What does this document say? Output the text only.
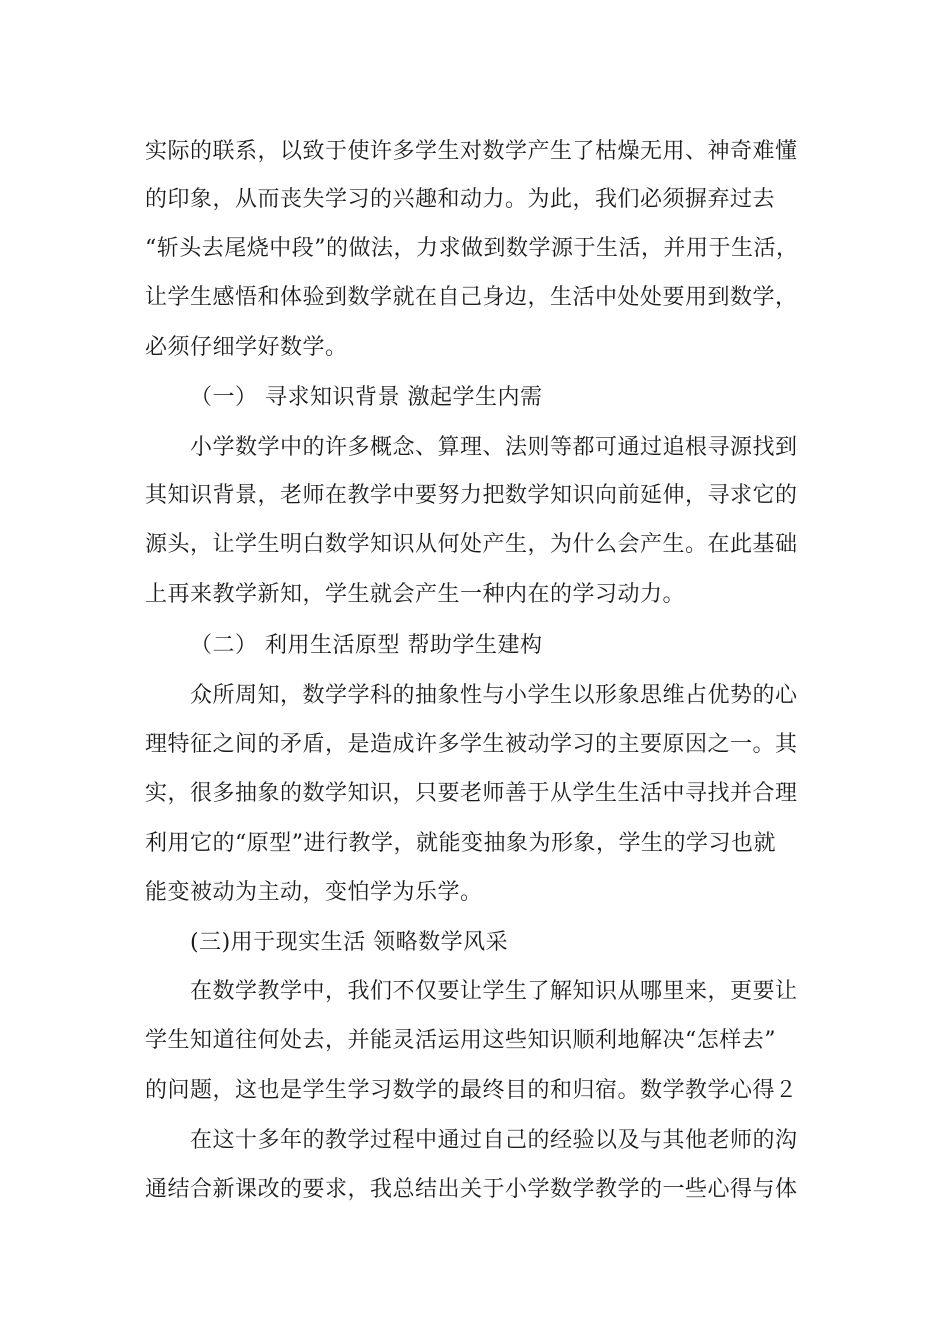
实际的联系，以致于使许多学生对数学产生了枯燥无用、神奇难懂
的印象，从而丧失学习的兴趣和动力。为此，我们必须摒弃过去
“斩头去尾烧中段”的做法，力求做到数学源于生活，并用于生活，
让学生感悟和体验到数学就在自己身边，生活中处处要用到数学，
必须仔细学好数学。
（一） 寻求知识背景 激起学生内需
小学数学中的许多概念、算理、法则等都可通过追根寻源找到
其知识背景，老师在教学中要努力把数学知识向前延伸，寻求它的
源头，让学生明白数学知识从何处产生，为什么会产生。在此基础
上再来教学新知，学生就会产生一种内在的学习动力。
（二） 利用生活原型 帮助学生建构
众所周知，数学学科的抽象性与小学生以形象思维占优势的心
理特征之间的矛盾，是造成许多学生被动学习的主要原因之一。其
实，很多抽象的数学知识，只要老师善于从学生生活中寻找并合理
利用它的“原型”进行教学，就能变抽象为形象，学生的学习也就
能变被动为主动，变怕学为乐学。
(三)用于现实生活 领略数学风采
在数学教学中，我们不仅要让学生了解知识从哪里来，更要让
学生知道往何处去，并能灵活运用这些知识顺利地解决“怎样去”
的问题，这也是学生学习数学的最终目的和归宿。数学教学心得２
在这十多年的教学过程中通过自己的经验以及与其他老师的沟
通结合新课改的要求，我总结出关于小学数学教学的一些心得与体
